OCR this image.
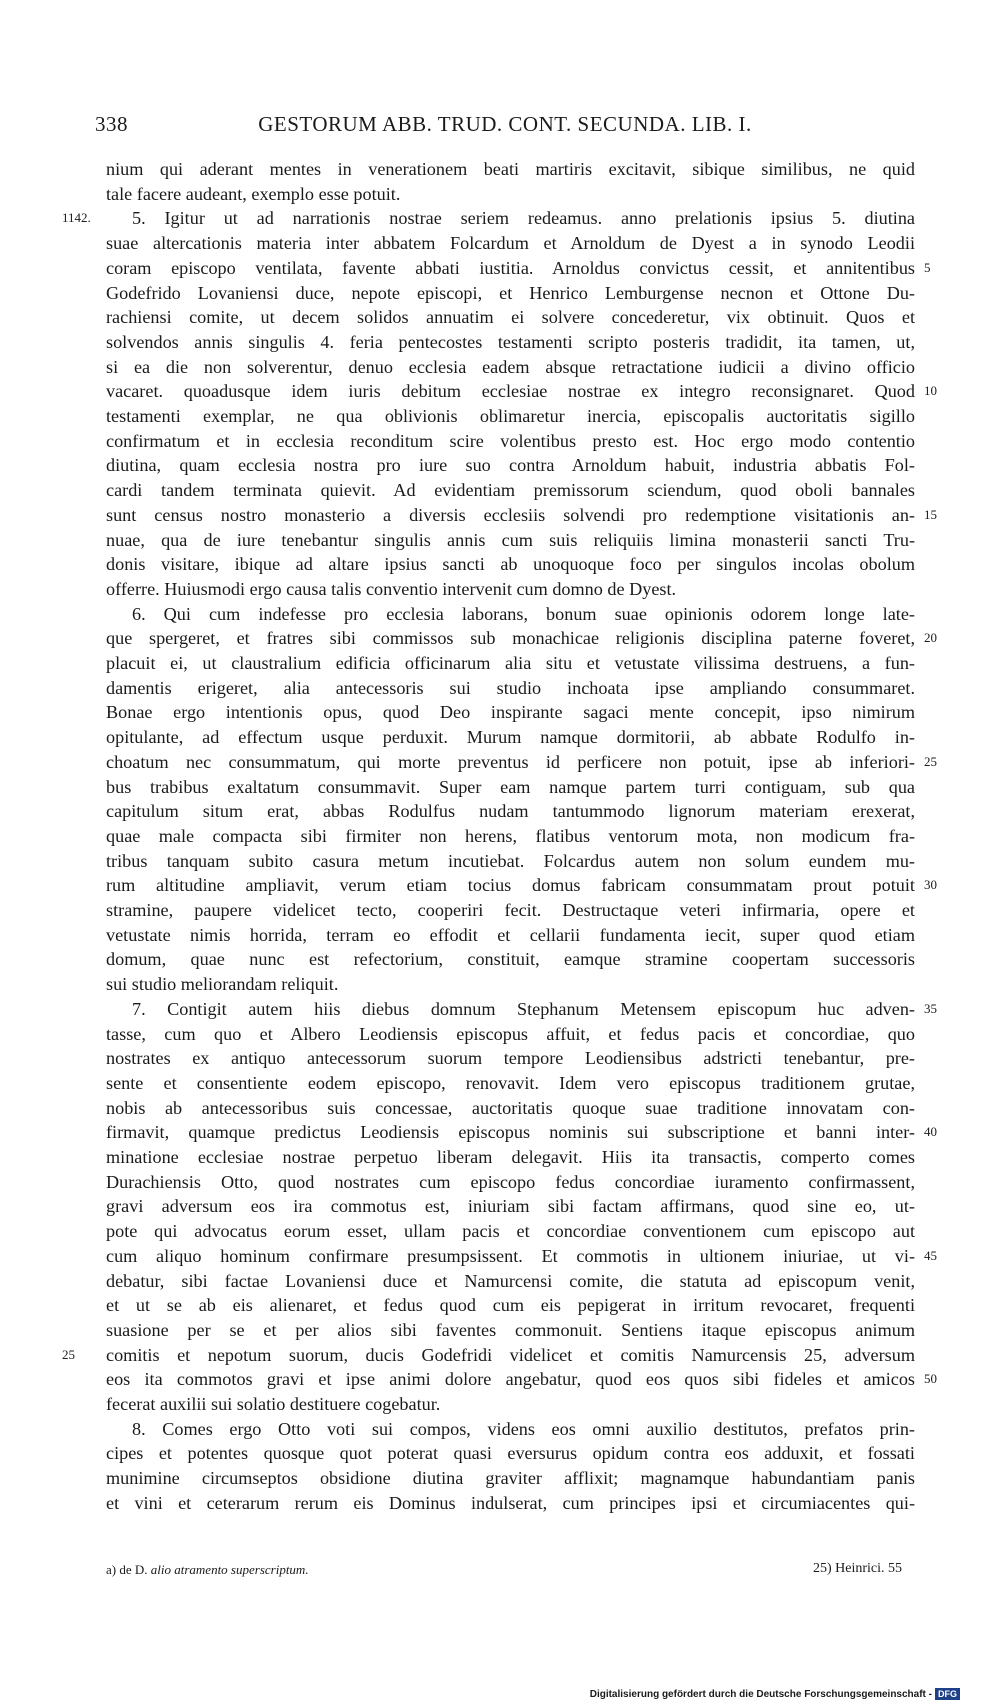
338	GESTORUM ABB. TRUD. CONT. SECUNDA. LIB. I.
nium qui aderant mentes in venerationem beati martiris excitavit, sibique similibus, ne quid
tale facere audeant, exemplo esse potuit.
5. Igitur ut ad narrationis nostrae seriem redeamus. anno prelationis ipsius 5. diutina
1142.
suae altercationis materia inter abbatem Folcardum et Arnoldum de Dyest a in synodo Leodii
coram episcopo ventilata, favente abbati iustitia. Arnoldus convictus cessit, et annitentibus 5
Godefrido Lovaniensi duce, nepote episcopi, et Henrico Lemburgense necnon et Ottone Du-
rachiensi comite, ut decem solidos annuatim ei solvere concederetur, vix obtinuit. Quos et
solvendos annis singulis 4. feria pentecostes testamenti scripto posteris tradidit, ita tamen, ut,
si ea die non solverentur, denuo ecclesia eadem absque retractatione iudicii a divino officio
vacaret. quoadusque idem iuris debitum ecclesiae nostrae ex integro reconsignaret. Quod 10
testamenti exemplar, ne qua oblivionis oblimaretur inercia, episcopalis auctoritatis sigillo
confirmatum et in ecclesia reconditum scire volentibus presto est. Hoc ergo modo contentio
diutina, quam ecclesia nostra pro iure suo contra Arnoldum habuit, industria abbatis Fol-
cardi tandem terminata quievit. Ad evidentiam premissorum sciendum, quod oboli bannales
sunt census nostro monasterio a diversis ecclesiis solvendi pro redemptione visitationis an- 15
nuae, qua de iure tenebantur singulis annis cum suis reliquiis limina monasterii sancti Tru-
donis visitare, ibique ad altare ipsius sancti ab unoquoque foco per singulos incolas obolum
offerre. Huiusmodi ergo causa talis conventio intervenit cum domno de Dyest.
6. Qui cum indefesse pro ecclesia laborans, bonum suae opinionis odorem longe late-
que spergeret, et fratres sibi commissos sub monachicae religionis disciplina paterne foveret, 20
placuit ei, ut claustralium edificia officinarum alia situ et vetustate vilissima destruens, a fun-
damentis erigeret, alia antecessoris sui studio inchoata ipse ampliando consummaret.
Bonae ergo intentionis opus, quod Deo inspirante sagaci mente concepit, ipso nimirum
opitulante, ad effectum usque perduxit. Murum namque dormitorii, ab abbate Rodulfo in-
choatum nec consummatum, qui morte preventus id perficere non potuit, ipse ab inferiori- 25
bus trabibus exaltatum consummavit. Super eam namque partem turri contiguam, sub qua
capitulum situm erat, abbas Rodulfus nudam tantummodo lignorum materiam erexerat,
quae male compacta sibi firmiter non herens, flatibus ventorum mota, non modicum fra-
tribus tanquam subito casura metum incutiebat. Folcardus autem non solum eundem mu-
rum altitudine ampliavit, verum etiam tocius domus fabricam consummatam prout potuit 30
stramine, paupere videlicet tecto, cooperiri fecit. Destructaque veteri infirmaria, opere et
vetustate nimis horrida, terram eo effodit et cellarii fundamenta iecit, super quod etiam
domum, quae nunc est refectorium, constituit, eamque stramine coopertam successoris
sui studio meliorandam reliquit.
7. Contigit autem hiis diebus domnum Stephanum Metensem episcopum huc adven- 35
tasse, cum quo et Albero Leodiensis episcopus affuit, et fedus pacis et concordiae, quo
nostrates ex antiquo antecessorum suorum tempore Leodiensibus adstricti tenebantur, pre-
sente et consentiente eodem episcopo, renovavit. Idem vero episcopus traditionem grutae,
nobis ab antecessoribus suis concessae, auctoritatis quoque suae traditione innovatam con-
firmavit, quamque predictus Leodiensis episcopus nominis sui subscriptione et banni inter- 40
minatione ecclesiae nostrae perpetuo liberam delegavit. Hiis ita transactis, comperto comes
Durachiensis Otto, quod nostrates cum episcopo fedus concordiae iuramento confirmassent,
gravi adversum eos ira commotus est, iniuriam sibi factam affirmans, quod sine eo, ut-
pote qui advocatus eorum esset, ullam pacis et concordiae conventionem cum episcopo aut
cum aliquo hominum confirmare presumpsissent. Et commotis in ultionem iniuriae, ut vi- 45
debatur, sibi factae Lovaniensi duce et Namurcensi comite, die statuta ad episcopum venit,
et ut se ab eis alienaret, et fedus quod cum eis pepigerat in irritum revocaret, frequenti
suasione per se et per alios sibi faventes commonuit. Sentiens itaque episcopus animum
comitis et nepotum suorum, ducis Godefridi videlicet et comitis Namurcensis 25, adversum
25
eos ita commotos gravi et ipse animi dolore angebatur, quod eos quos sibi fideles et amicos 50
fecerat auxilii sui solatio destituere cogebatur.
8. Comes ergo Otto voti sui compos, videns eos omni auxilio destitutos, prefatos prin-
cipes et potentes quosque quot poterat quasi eversurus opidum contra eos adduxit, et fossati
munimine circumseptos obsidione diutina graviter afflixit; magnamque habundantiam panis
et vini et ceterarum rerum eis Dominus indulserat, cum principes ipsi et circumiacentes qui-
a) de D. alio atramento superscriptum.	25) Heinrici. 55
Digitalisierung gefördert durch die Deutsche Forschungsgemeinschaft - DFG
